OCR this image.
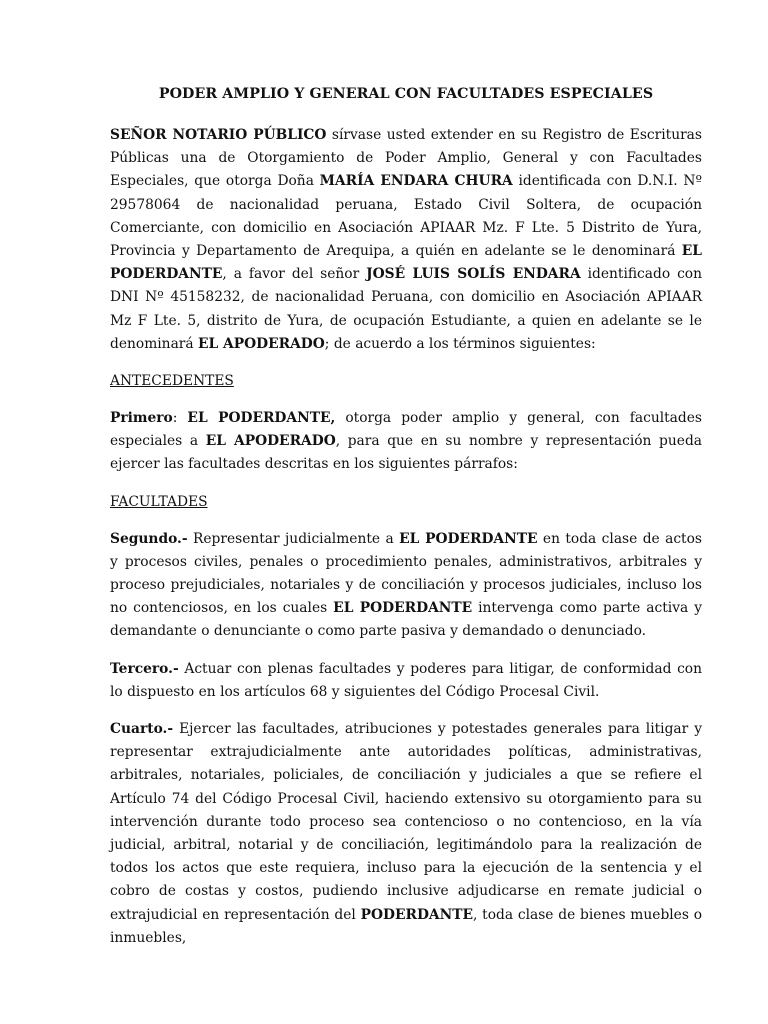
PODER AMPLIO Y GENERAL CON FACULTADES ESPECIALES

SEÑOR NOTARIO PÚBLICO sírvase usted extender en su Registro de Escrituras Públicas una de Otorgamiento de Poder Amplio, General y con Facultades Especiales, que otorga Doña MARÍA ENDARA CHURA identificada con D.N.I. Nº 29578064 de nacionalidad peruana, Estado Civil Soltera, de ocupación Comerciante, con domicilio en Asociación APIAAR Mz. F Lte. 5 Distrito de Yura, Provincia y Departamento de Arequipa, a quién en adelante se le denominará EL PODERDANTE, a favor del señor JOSÉ LUIS SOLÍS ENDARA identificado con DNI Nº 45158232, de nacionalidad Peruana, con domicilio en Asociación APIAAR Mz F Lte. 5, distrito de Yura, de ocupación Estudiante, a quien en adelante se le denominará EL APODERADO; de acuerdo a los términos siguientes:

ANTECEDENTES

Primero: EL PODERDANTE, otorga poder amplio y general, con facultades especiales a EL APODERADO, para que en su nombre y representación pueda ejercer las facultades descritas en los siguientes párrafos:

FACULTADES

Segundo.- Representar judicialmente a EL PODERDANTE en toda clase de actos y procesos civiles, penales o procedimiento penales, administrativos, arbitrales y proceso prejudiciales, notariales y de conciliación y procesos judiciales, incluso los no contenciosos, en los cuales EL PODERDANTE intervenga como parte activa y demandante o denunciante o como parte pasiva y demandado o denunciado.

Tercero.- Actuar con plenas facultades y poderes para litigar, de conformidad con lo dispuesto en los artículos 68 y siguientes del Código Procesal Civil.

Cuarto.- Ejercer las facultades, atribuciones y potestades generales para litigar y representar extrajudicialmente ante autoridades políticas, administrativas, arbitrales, notariales, policiales, de conciliación y judiciales a que se refiere el Artículo 74 del Código Procesal Civil, haciendo extensivo su otorgamiento para su intervención durante todo proceso sea contencioso o no contencioso, en la vía judicial, arbitral, notarial y de conciliación, legitimándolo para la realización de todos los actos que este requiera, incluso para la ejecución de la sentencia y el cobro de costas y costos, pudiendo inclusive adjudicarse en remate judicial o extrajudicial en representación del PODERDANTE, toda clase de bienes muebles o inmuebles,
